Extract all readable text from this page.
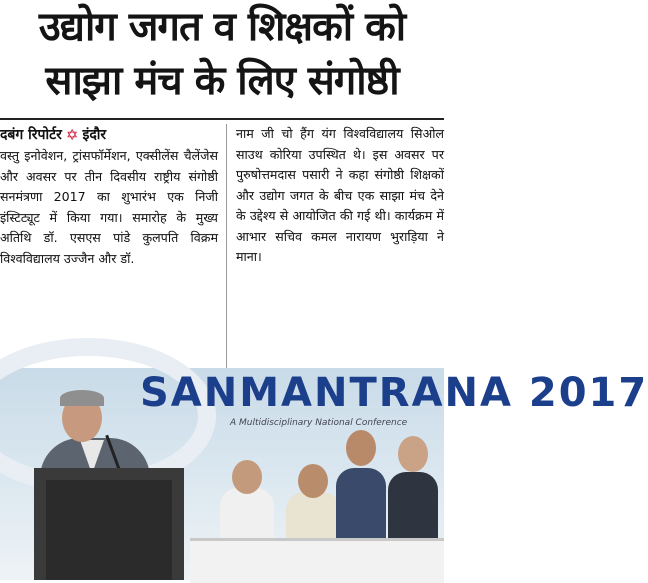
उद्योग जगत व शिक्षकों को
साझा मंच के लिए संगोष्ठी
दबंग रिपोर्टर ✡ इंदौर

वस्तु इनोवेशन, ट्रांसफॉर्मेशन, एक्सीलेंस चैलेंजेस और अवसर पर तीन दिवसीय राष्ट्रीय संगोष्ठी सनमंत्रणा 2017 का शुभारंभ एक निजी इंस्टिट्यूट में किया गया। समारोह के मुख्य अतिथि डॉ. एसएस पांडे कुलपति विक्रम विश्वविद्यालय उज्जैन और डॉ.

नाम जी चो हैंग यंग विश्वविद्यालय सिओल साउथ कोरिया उपस्थित थे। इस अवसर पर पुरुषोत्तमदास पसारी ने कहा संगोष्ठी शिक्षकों और उद्योग जगत के बीच एक साझा मंच देने के उद्देश्य से आयोजित की गई थी। कार्यक्रम में आभार सचिव कमल नारायण भुराड़िया ने माना।

SANMANTRANA 2017
A Multidisciplinary National Conference
